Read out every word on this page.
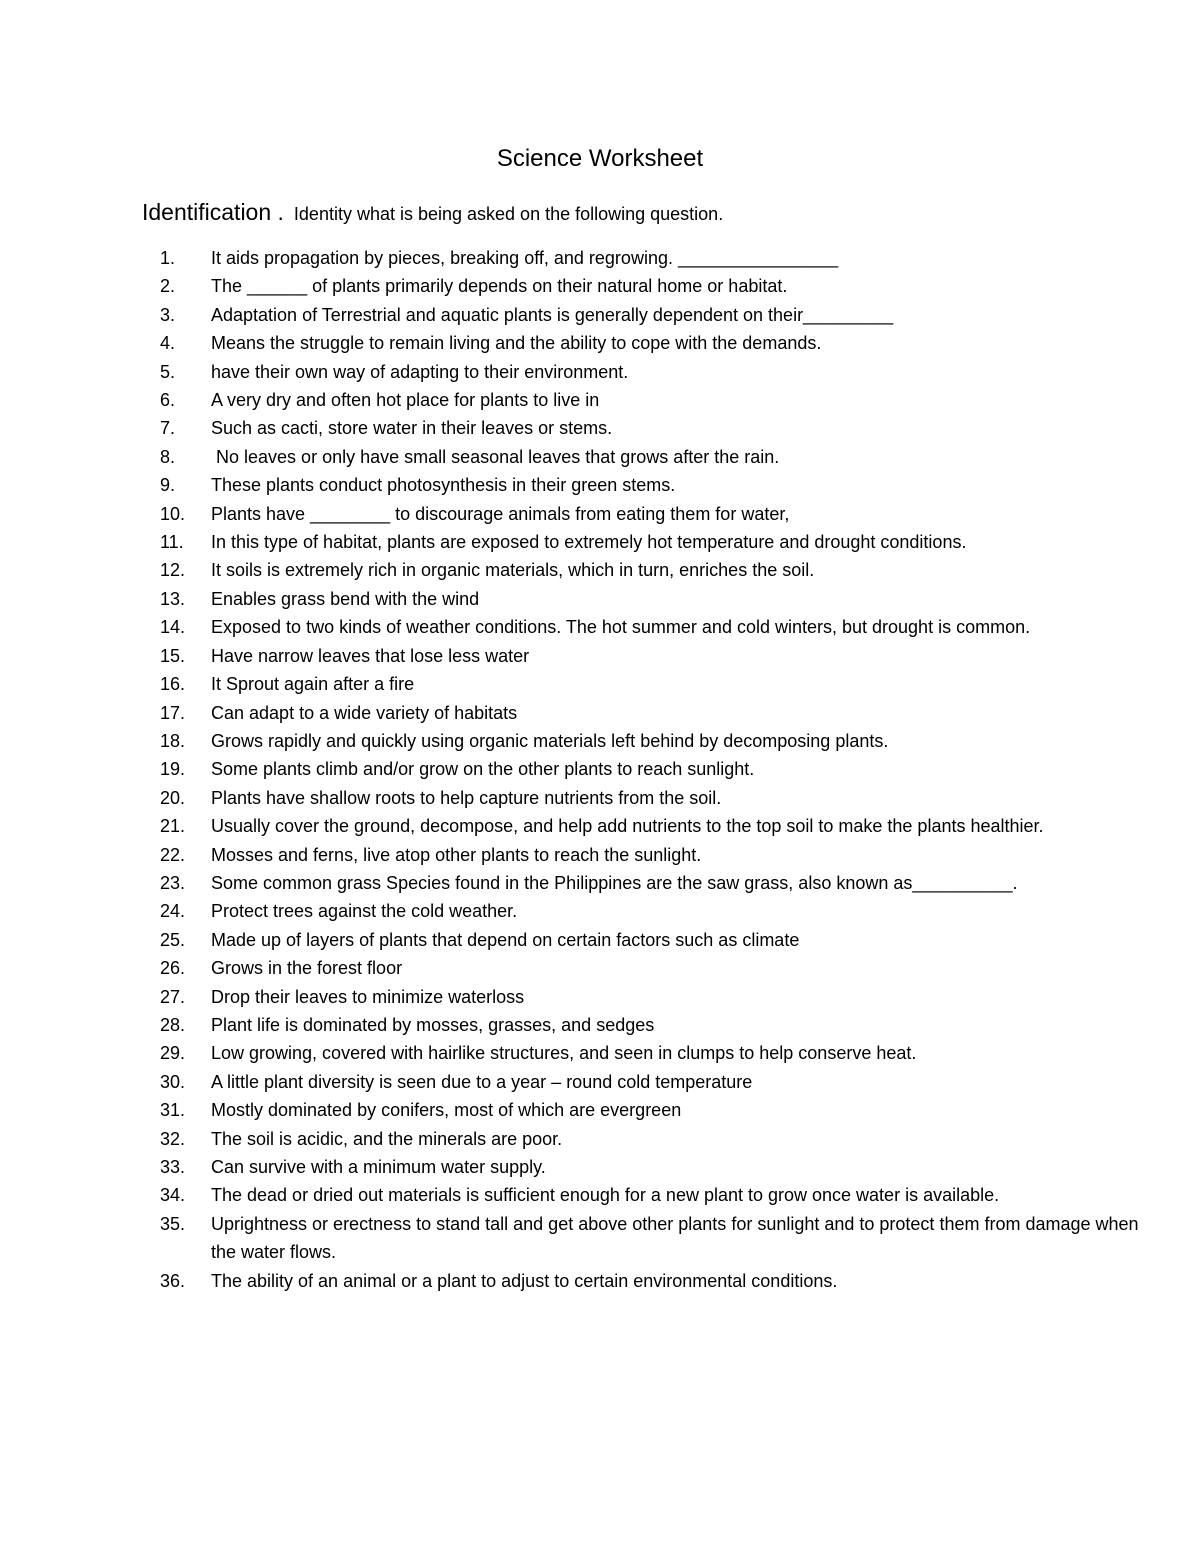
Science Worksheet
Identification . Identity what is being asked on the following question.
1.	It aids propagation by pieces, breaking off, and regrowing. ________________
2.	The ______ of plants primarily depends on their natural home or habitat.
3.	Adaptation of Terrestrial and aquatic plants is generally dependent on their_________
4.	Means the struggle to remain living and the ability to cope with the demands.
5.	have their own way of adapting to their environment.
6.	A very dry and often hot place for plants to live in
7.	Such as cacti, store water in their leaves or stems.
8.	No leaves or only have small seasonal leaves that grows after the rain.
9.	These plants conduct photosynthesis in their green stems.
10.	Plants have ________ to discourage animals from eating them for water,
11.	In this type of habitat, plants are exposed to extremely hot temperature and drought conditions.
12.	It soils is extremely rich in organic materials, which in turn, enriches the soil.
13.	Enables grass bend with the wind
14.	Exposed to two kinds of weather conditions. The hot summer and cold winters, but drought is common.
15.	Have narrow leaves that lose less water
16.	It Sprout again after a fire
17.	Can adapt to a wide variety of habitats
18.	Grows rapidly and quickly using organic materials left behind by decomposing plants.
19.	Some plants climb and/or grow on the other plants to reach sunlight.
20.	Plants have shallow roots to help capture nutrients from the soil.
21.	Usually cover the ground, decompose, and help add nutrients to the top soil to make the plants healthier.
22.	Mosses and ferns, live atop other plants to reach the sunlight.
23.	Some common grass Species found in the Philippines are the saw grass, also known as__________.
24.	Protect trees against the cold weather.
25.	Made up of layers of plants that depend on certain factors such as climate
26.	Grows in the forest floor
27.	Drop their leaves to minimize waterloss
28.	Plant life is dominated by mosses, grasses, and sedges
29.	Low growing, covered with hairlike structures, and seen in clumps to help conserve heat.
30.	A little plant diversity is seen due to a year – round cold temperature
31.	Mostly dominated by conifers, most of which are evergreen
32.	The soil is acidic, and the minerals are poor.
33.	Can survive with a minimum water supply.
34.	The dead or dried out materials is sufficient enough for a new plant to grow once water is available.
35.	Uprightness or erectness to stand tall and get above other plants for sunlight and to protect them from damage when the water flows.
36.	The ability of an animal or a plant to adjust to certain environmental conditions.
